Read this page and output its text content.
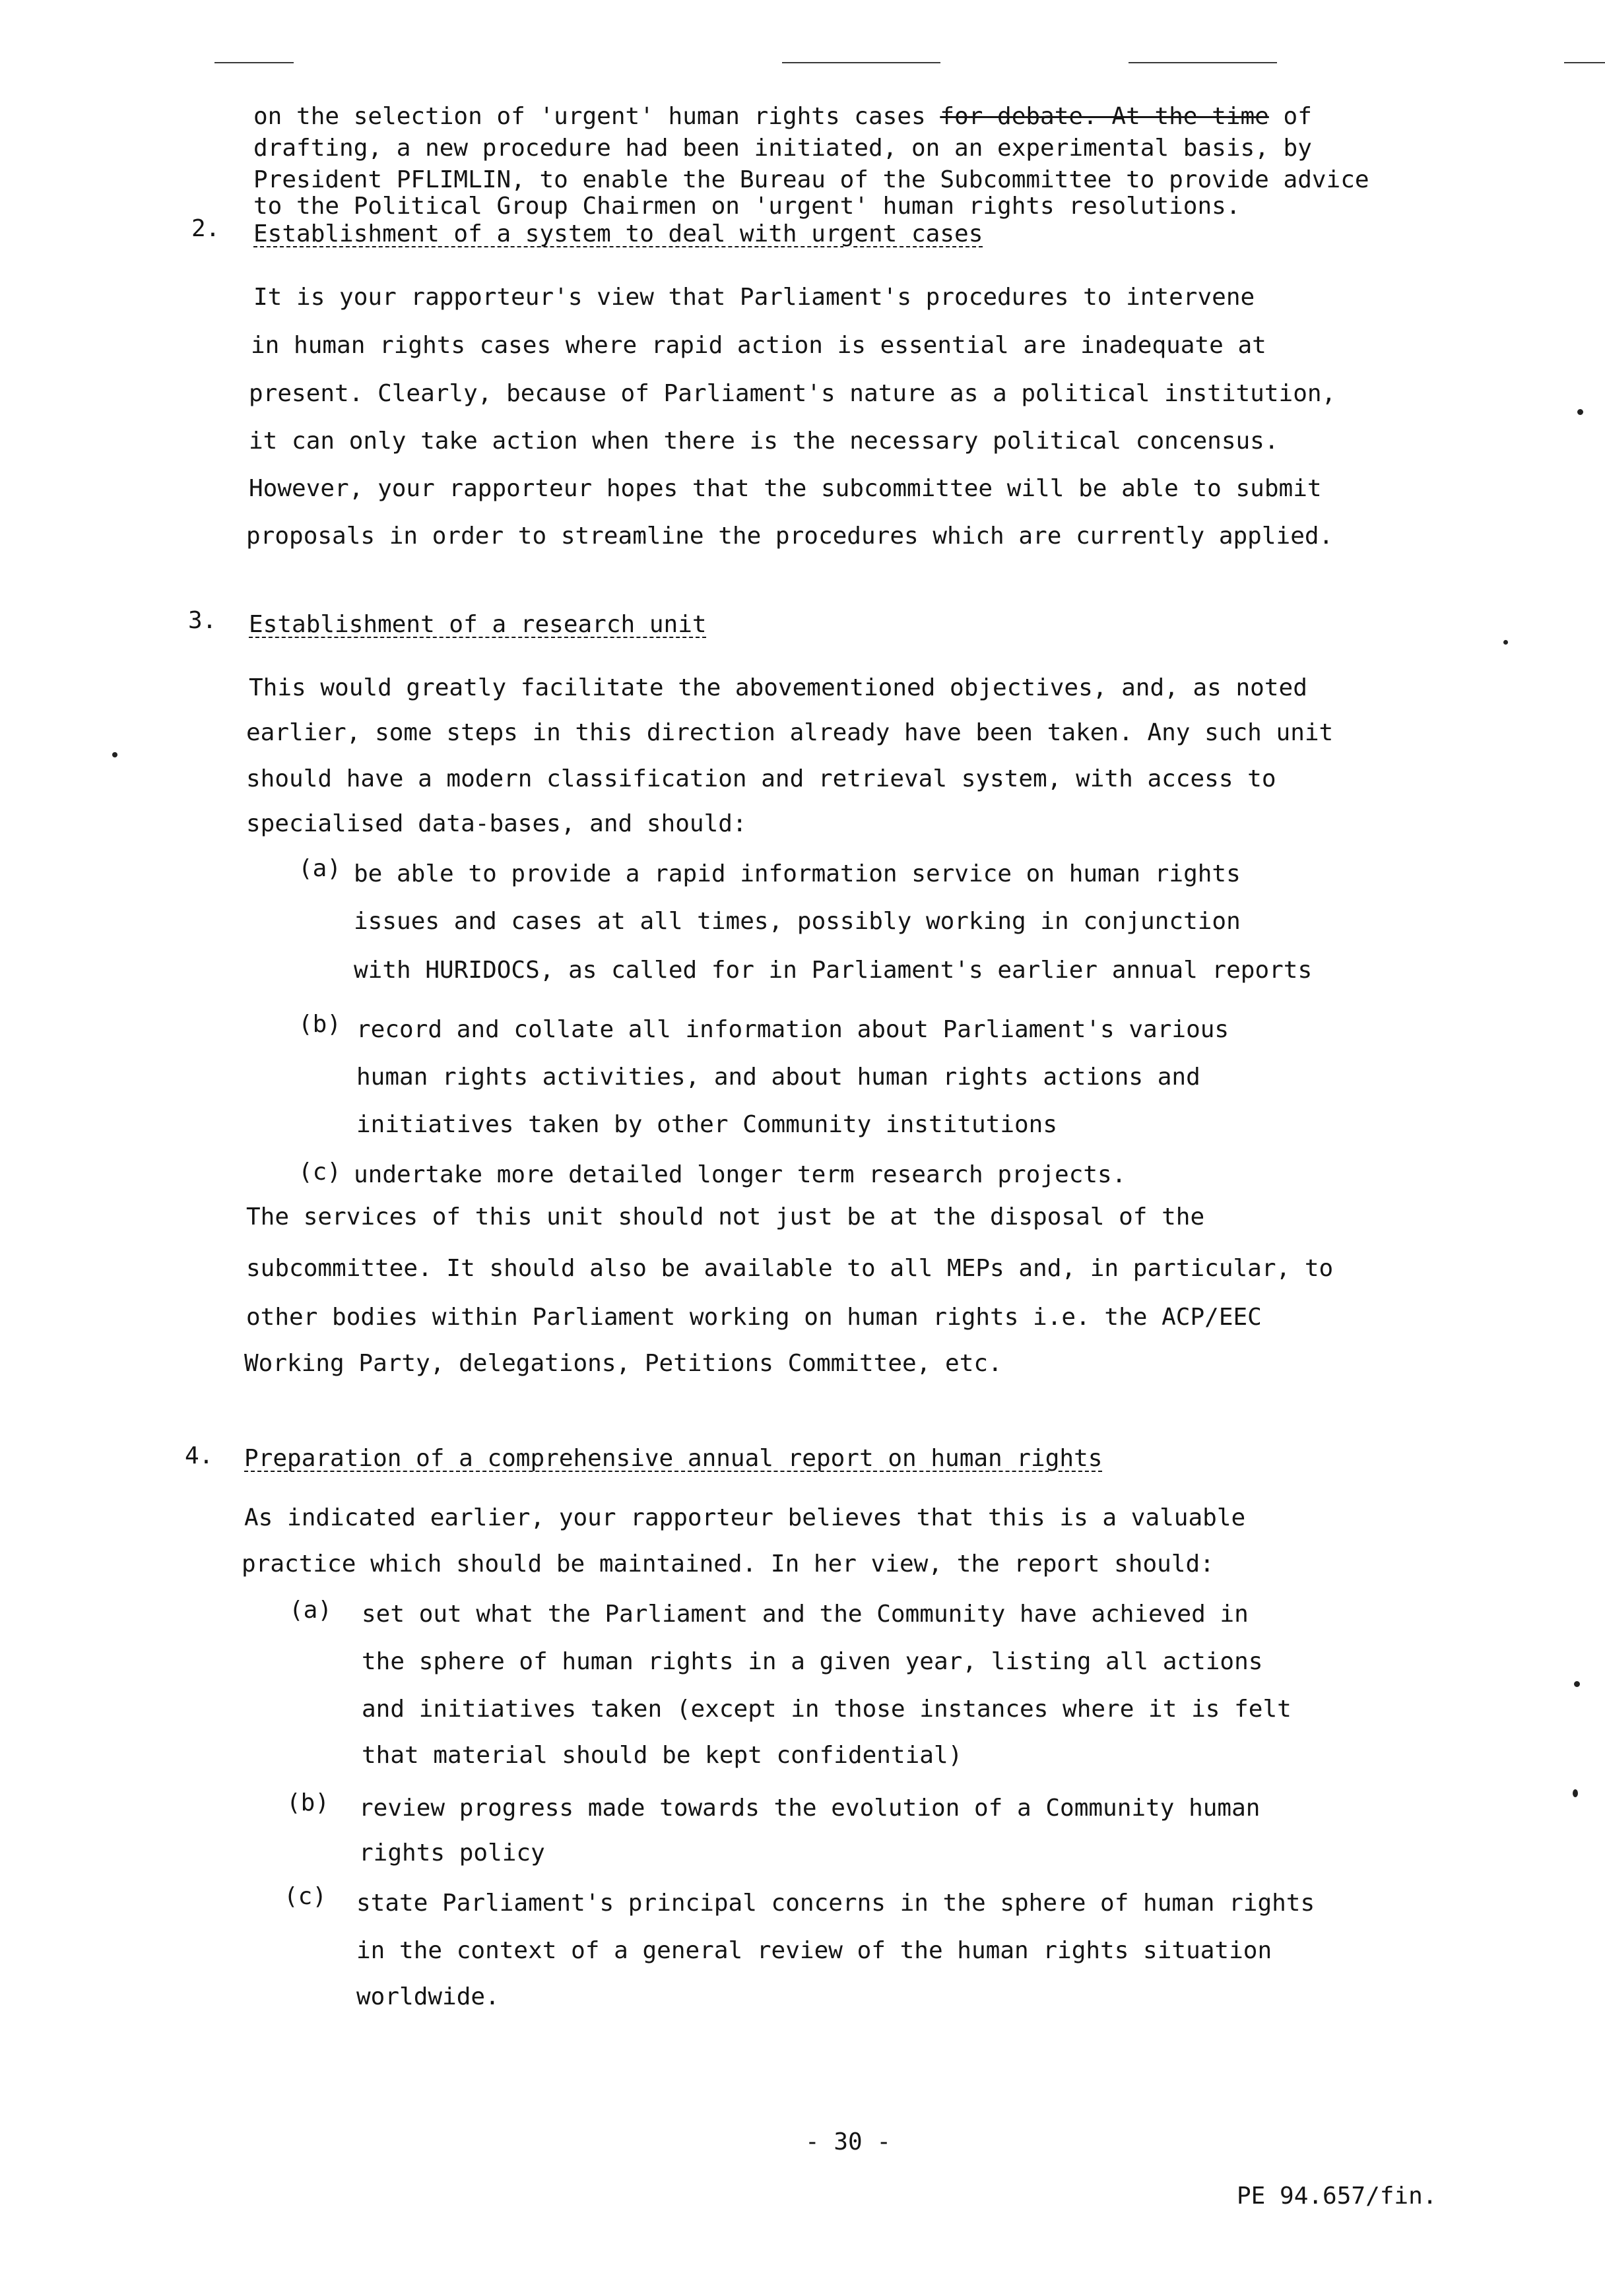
on the selection of 'urgent' human rights cases for debate. At the time of
drafting, a new procedure had been initiated, on an experimental basis, by
President PFLIMLIN, to enable the Bureau of the Subcommittee to provide advice
to the Political Group Chairmen on 'urgent' human rights resolutions.
2. Establishment of a system to deal with urgent cases
It is your rapporteur's view that Parliament's procedures to intervene
in human rights cases where rapid action is essential are inadequate at
present. Clearly, because of Parliament's nature as a political institution,
it can only take action when there is the necessary political concensus.
However, your rapporteur hopes that the subcommittee will be able to submit
proposals in order to streamline the procedures which are currently applied.
3. Establishment of a research unit
This would greatly facilitate the abovementioned objectives, and, as noted
earlier, some steps in this direction already have been taken. Any such unit
should have a modern classification and retrieval system, with access to
specialised data-bases, and should:
(a) be able to provide a rapid information service on human rights
issues and cases at all times, possibly working in conjunction
with HURIDOCS, as called for in Parliament's earlier annual reports
(b) record and collate all information about Parliament's various
human rights activities, and about human rights actions and
initiatives taken by other Community institutions
(c) undertake more detailed longer term research projects.
The services of this unit should not just be at the disposal of the
subcommittee. It should also be available to all MEPs and, in particular, to
other bodies within Parliament working on human rights i.e. the ACP/EEC
Working Party, delegations, Petitions Committee, etc.
4. Preparation of a comprehensive annual report on human rights
As indicated earlier, your rapporteur believes that this is a valuable
practice which should be maintained. In her view, the report should:
(a) set out what the Parliament and the Community have achieved in
the sphere of human rights in a given year, listing all actions
and initiatives taken (except in those instances where it is felt
that material should be kept confidential)
(b) review progress made towards the evolution of a Community human
rights policy
(c) state Parliament's principal concerns in the sphere of human rights
in the context of a general review of the human rights situation
worldwide.
- 30 -
PE 94.657/fin.
